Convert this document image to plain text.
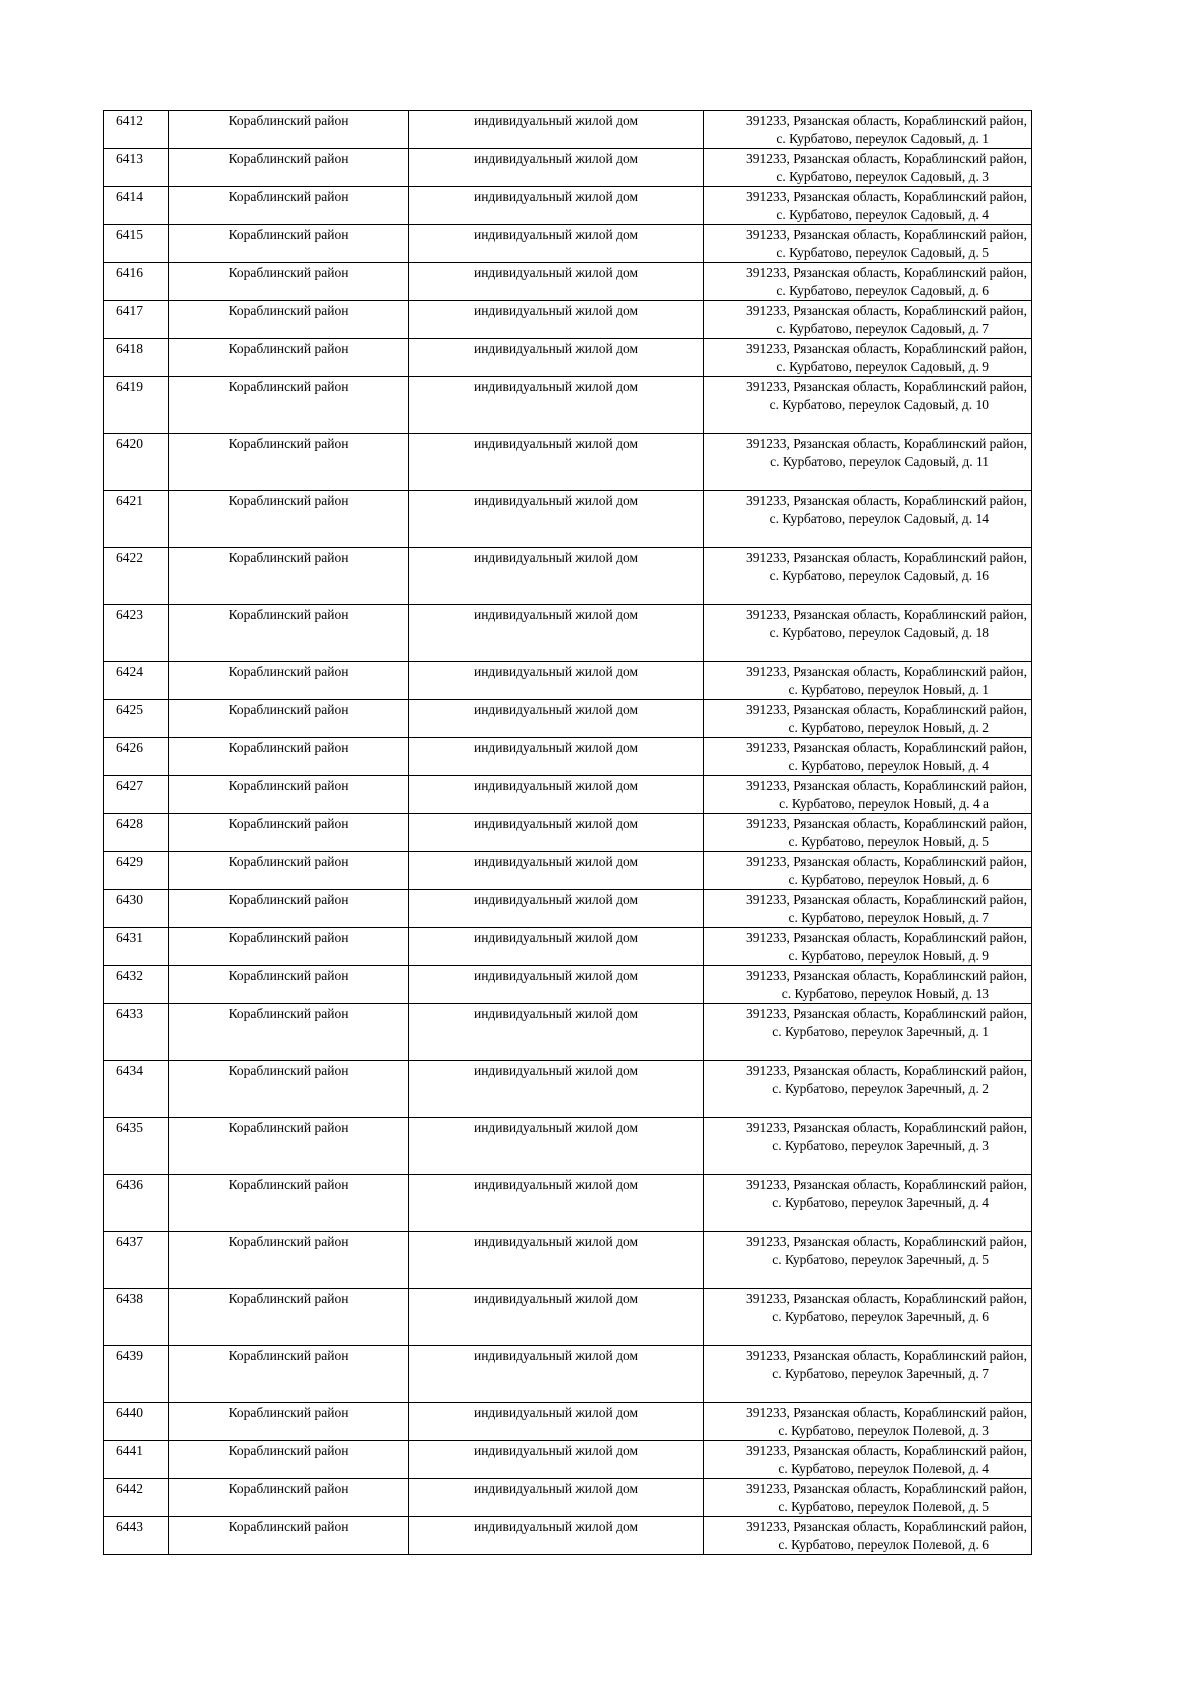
6412	Кораблинский район	индивидуальный жилой дом	391233, Рязанская область, Кораблинский район,
с. Курбатово, переулок Садовый, д. 1

6413	Кораблинский район	индивидуальный жилой дом	391233, Рязанская область, Кораблинский район,
с. Курбатово, переулок Садовый, д. 3

6414	Кораблинский район	индивидуальный жилой дом	391233, Рязанская область, Кораблинский район,
с. Курбатово, переулок Садовый, д. 4

6415	Кораблинский район	индивидуальный жилой дом	391233, Рязанская область, Кораблинский район,
с. Курбатово, переулок Садовый, д. 5

6416	Кораблинский район	индивидуальный жилой дом	391233, Рязанская область, Кораблинский район,
с. Курбатово, переулок Садовый, д. 6

6417	Кораблинский район	индивидуальный жилой дом	391233, Рязанская область, Кораблинский район,
с. Курбатово, переулок Садовый, д. 7

6418	Кораблинский район	индивидуальный жилой дом	391233, Рязанская область, Кораблинский район,
с. Курбатово, переулок Садовый, д. 9

6419	Кораблинский район	индивидуальный жилой дом	391233, Рязанская область, Кораблинский район,
с. Курбатово, переулок Садовый, д. 10

6420	Кораблинский район	индивидуальный жилой дом	391233, Рязанская область, Кораблинский район,
с. Курбатово, переулок Садовый, д. 11

6421	Кораблинский район	индивидуальный жилой дом	391233, Рязанская область, Кораблинский район,
с. Курбатово, переулок Садовый, д. 14

6422	Кораблинский район	индивидуальный жилой дом	391233, Рязанская область, Кораблинский район,
с. Курбатово, переулок Садовый, д. 16

6423	Кораблинский район	индивидуальный жилой дом	391233, Рязанская область, Кораблинский район,
с. Курбатово, переулок Садовый, д. 18

6424	Кораблинский район	индивидуальный жилой дом	391233, Рязанская область, Кораблинский район,
с. Курбатово, переулок Новый, д. 1

6425	Кораблинский район	индивидуальный жилой дом	391233, Рязанская область, Кораблинский район,
с. Курбатово, переулок Новый, д. 2

6426	Кораблинский район	индивидуальный жилой дом	391233, Рязанская область, Кораблинский район,
с. Курбатово, переулок Новый, д. 4

6427	Кораблинский район	индивидуальный жилой дом	391233, Рязанская область, Кораблинский район,
с. Курбатово, переулок Новый, д. 4 а

6428	Кораблинский район	индивидуальный жилой дом	391233, Рязанская область, Кораблинский район,
с. Курбатово, переулок Новый, д. 5

6429	Кораблинский район	индивидуальный жилой дом	391233, Рязанская область, Кораблинский район,
с. Курбатово, переулок Новый, д. 6

6430	Кораблинский район	индивидуальный жилой дом	391233, Рязанская область, Кораблинский район,
с. Курбатово, переулок Новый, д. 7

6431	Кораблинский район	индивидуальный жилой дом	391233, Рязанская область, Кораблинский район,
с. Курбатово, переулок Новый, д. 9

6432	Кораблинский район	индивидуальный жилой дом	391233, Рязанская область, Кораблинский район,
с. Курбатово, переулок Новый, д. 13

6433	Кораблинский район	индивидуальный жилой дом	391233, Рязанская область, Кораблинский район,
с. Курбатово, переулок Заречный, д. 1

6434	Кораблинский район	индивидуальный жилой дом	391233, Рязанская область, Кораблинский район,
с. Курбатово, переулок Заречный, д. 2

6435	Кораблинский район	индивидуальный жилой дом	391233, Рязанская область, Кораблинский район,
с. Курбатово, переулок Заречный, д. 3

6436	Кораблинский район	индивидуальный жилой дом	391233, Рязанская область, Кораблинский район,
с. Курбатово, переулок Заречный, д. 4

6437	Кораблинский район	индивидуальный жилой дом	391233, Рязанская область, Кораблинский район,
с. Курбатово, переулок Заречный, д. 5

6438	Кораблинский район	индивидуальный жилой дом	391233, Рязанская область, Кораблинский район,
с. Курбатово, переулок Заречный, д. 6

6439	Кораблинский район	индивидуальный жилой дом	391233, Рязанская область, Кораблинский район,
с. Курбатово, переулок Заречный, д. 7

6440	Кораблинский район	индивидуальный жилой дом	391233, Рязанская область, Кораблинский район,
с. Курбатово, переулок Полевой, д. 3

6441	Кораблинский район	индивидуальный жилой дом	391233, Рязанская область, Кораблинский район,
с. Курбатово, переулок Полевой, д. 4

6442	Кораблинский район	индивидуальный жилой дом	391233, Рязанская область, Кораблинский район,
с. Курбатово, переулок Полевой, д. 5

6443	Кораблинский район	индивидуальный жилой дом	391233, Рязанская область, Кораблинский район,
с. Курбатово, переулок Полевой, д. 6
